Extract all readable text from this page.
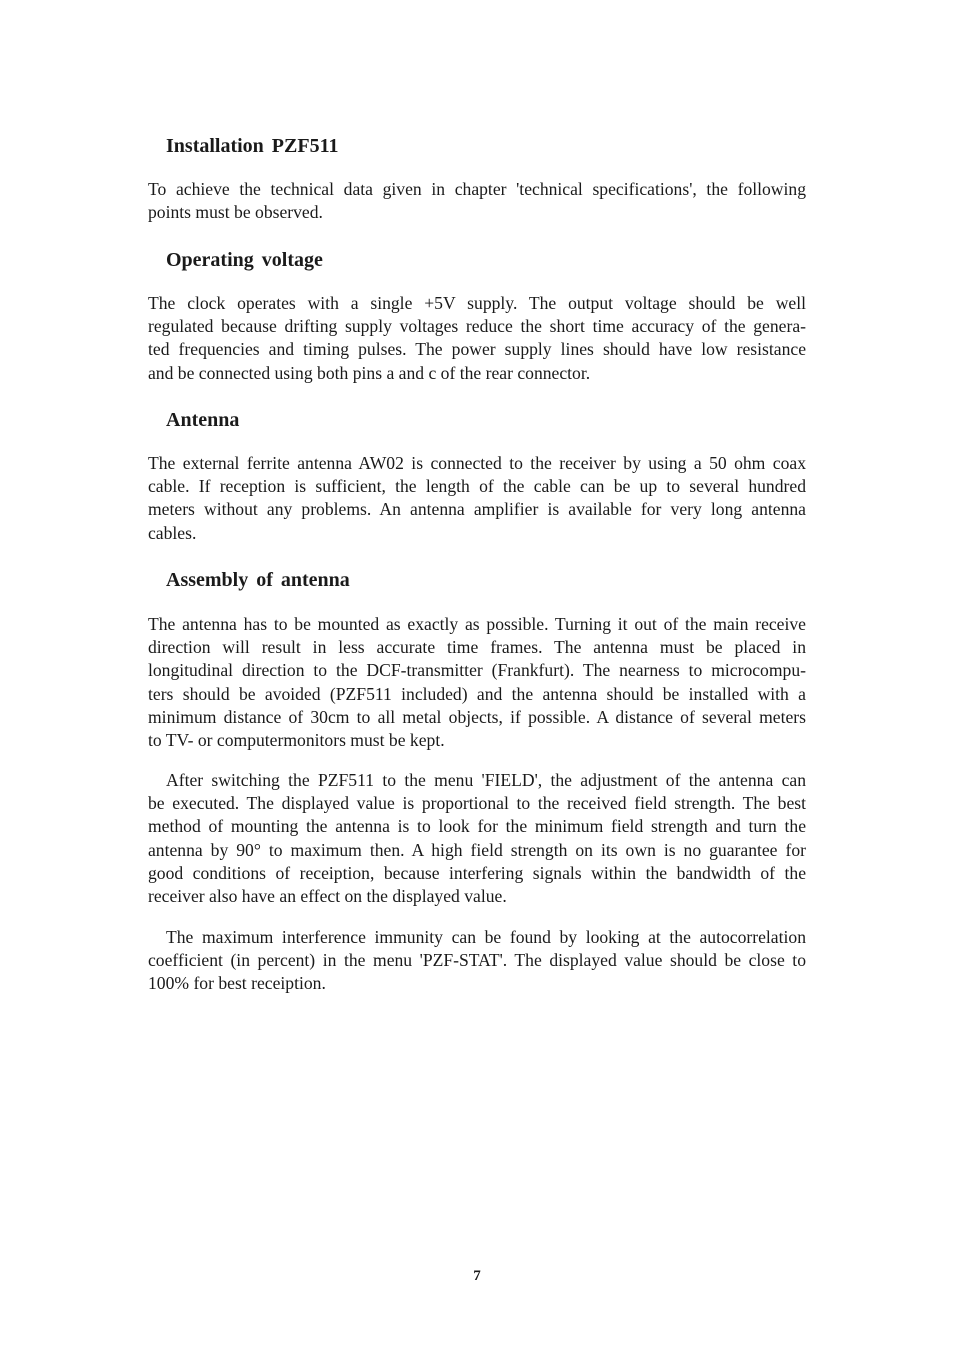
Installation PZF511

To achieve the technical data given in chapter 'technical specifications', the following
points must be observed.

Operating voltage

The clock operates with a single +5V supply. The output voltage should be well
regulated because drifting supply voltages reduce the short time accuracy of the genera-
ted frequencies and timing pulses. The power supply lines should have low resistance
and be connected using both pins a and c of the rear connector.

Antenna

The external ferrite antenna AW02 is connected to the receiver by using a 50 ohm coax
cable. If reception is sufficient, the length of the cable can be up to several hundred
meters without any problems. An antenna amplifier is available for very long antenna
cables.

Assembly of antenna

The antenna has to be mounted as exactly as possible. Turning it out of the main receive
direction will result in less accurate time frames. The antenna must be placed in
longitudinal direction to the DCF-transmitter (Frankfurt). The nearness to microcompu-
ters should be avoided (PZF511 included) and the antenna should be installed with a
minimum distance of 30cm to all metal objects, if possible. A distance of several meters
to TV- or computermonitors must be kept.

After switching the PZF511 to the menu 'FIELD', the adjustment of the antenna can
be executed. The displayed value is proportional to the received field strength. The best
method of mounting the antenna is to look for the minimum field strength and turn the
antenna by 90° to maximum then. A high field strength on its own is no guarantee for
good conditions of receiption, because interfering signals within the bandwidth of the
receiver also have an effect on the displayed value.

The maximum interference immunity can be found by looking at the autocorrelation
coefficient (in percent) in the menu 'PZF-STAT'. The displayed value should be close to
100% for best receiption.

7
